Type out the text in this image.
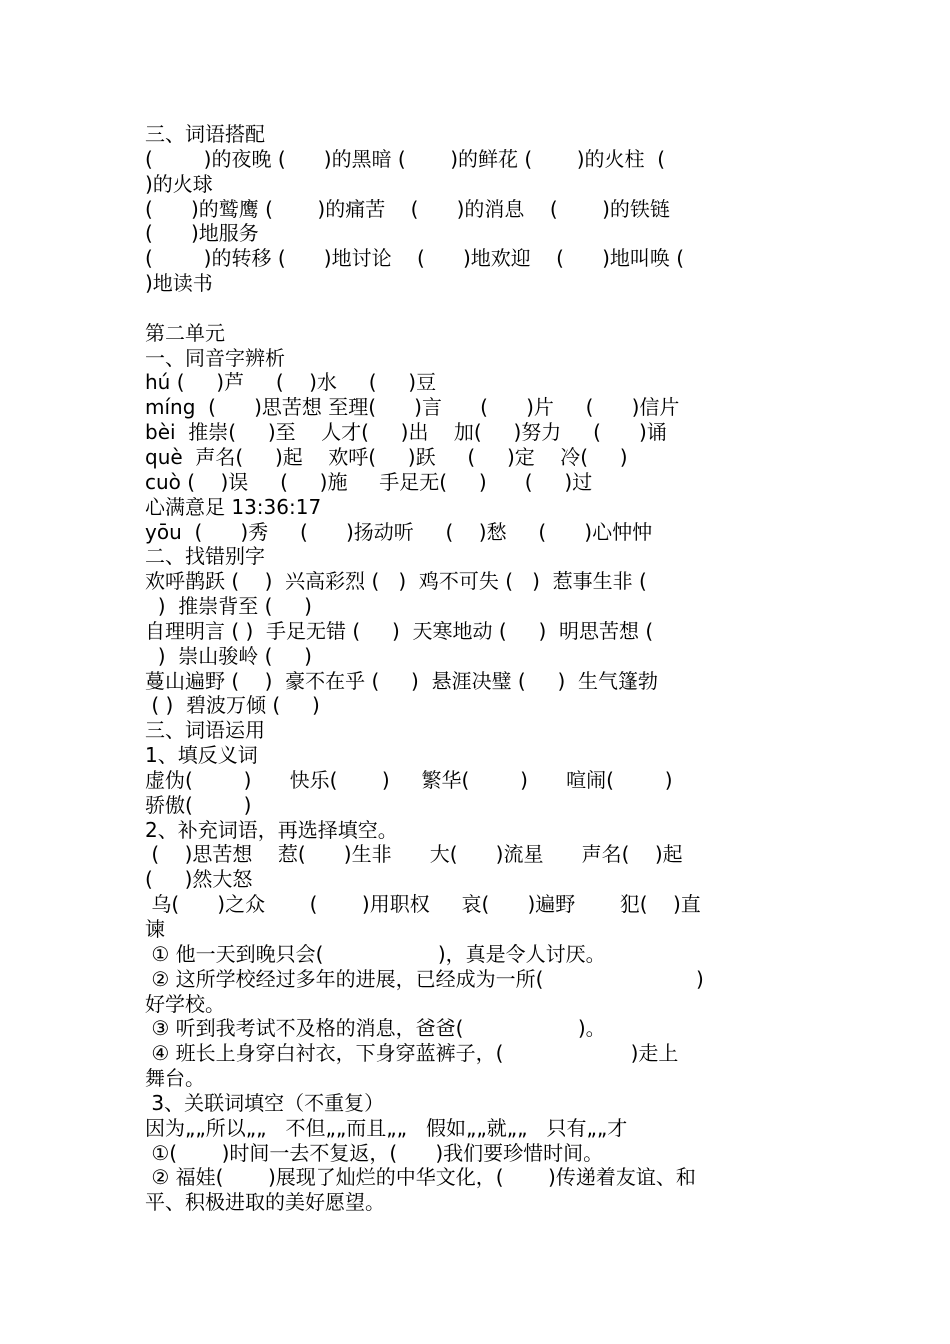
三、词语搭配
(        )的夜晚 (      )的黑暗 (       )的鲜花 (       )的火柱  (
)的火球
(      )的鹫鹰 (       )的痛苦    (      )的消息    (       )的铁链
(      )地服务
(        )的转移 (      )地讨论    (      )地欢迎    (      )地叫唤 (
)地读书
第二单元
一、同音字辨析
hú (     )芦     (    )水     (     )豆
míng  (      )思苦想 至理(      )言      (      )片     (      )信片
bèi  推崇(     )至    人才(     )出    加(     )努力     (      )诵
què  声名(     )起    欢呼(     )跃     (     )定    冷(     )
cuò (    )误     (     )施     手足无(     )      (     )过
心满意足 13:36:17
yōu  (      )秀     (      )扬动听     (    )愁     (      )心忡忡
二、找错别字
欢呼鹊跃 (    )  兴高彩烈 (   )  鸡不可失 (   )  惹事生非 (
)  推崇背至 (     )
自理明言 ( )  手足无错 (     )  天寒地动 (     )  明思苦想 (
)  崇山骏岭 (     )
蔓山遍野 (    )  豪不在乎 (     )  悬涯决璧 (     )  生气篷勃
( )  碧波万倾 (     )
三、词语运用
1、填反义词
虚伪(        )      快乐(       )     繁华(        )      喧闹(        )
骄傲(        )
2、补充词语，再选择填空。
(    )思苦想    惹(      )生非      大(      )流星      声名(    )起
(     )然大怒
乌(      )之众       (       )用职权     哀(      )遍野       犯(    )直
谏
① 他一天到晚只会(                  )，真是令人讨厌。
② 这所学校经过多年的进展，已经成为一所(                        )
好学校。
③ 听到我考试不及格的消息，爸爸(                  )。
④ 班长上身穿白衬衣，下身穿蓝裤子，(                    )走上
舞台。
3、关联词填空（不重复）
因为„„所以„„   不但„„而且„„   假如„„就„„   只有„„才
①(       )时间一去不复返，(      )我们要珍惜时间。
② 福娃(       )展现了灿烂的中华文化，(       )传递着友谊、和
平、积极进取的美好愿望。
